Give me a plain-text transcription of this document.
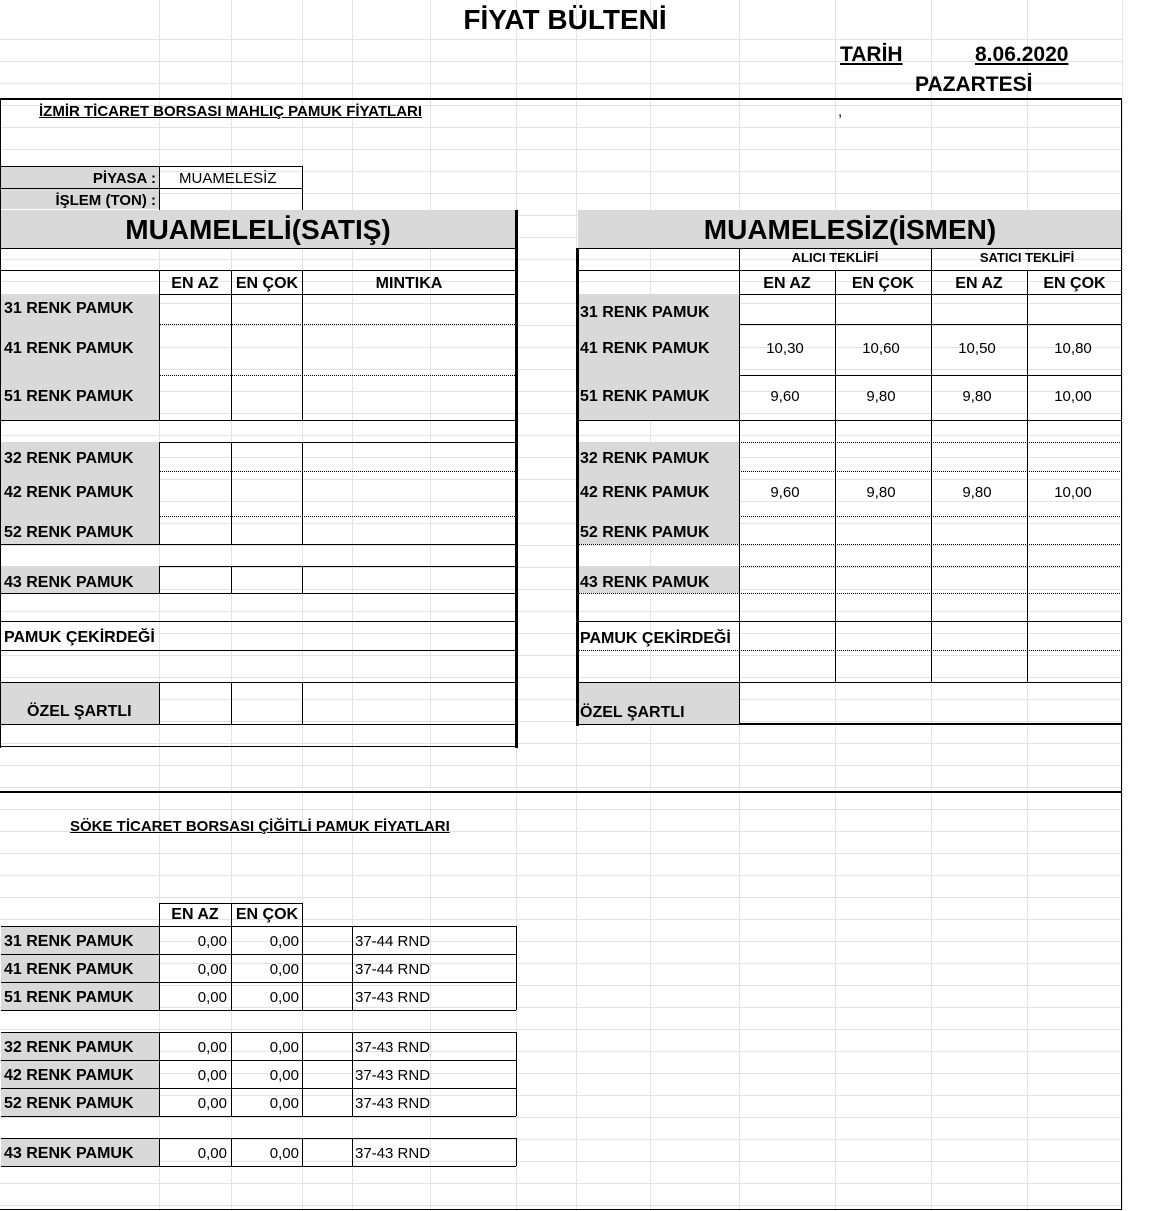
FİYAT BÜLTENİ
TARİH	8.06.2020
PAZARTESİ
İZMİR TİCARET BORSASI MAHLIÇ PAMUK FİYATLARI	,
PİYASA : MUAMELESİZ
İŞLEM (TON) :
MUAMELELİ(SATIŞ)
EN AZ	EN ÇOK	MINTIKA
31 RENK PAMUK
41 RENK PAMUK
51 RENK PAMUK
32 RENK PAMUK
42 RENK PAMUK
52 RENK PAMUK
43 RENK PAMUK
PAMUK ÇEKİRDEĞİ
ÖZEL ŞARTLI
MUAMELESİZ(İSMEN)
ALICI TEKLİFİ	SATICI TEKLİFİ
EN AZ	EN ÇOK	EN AZ	EN ÇOK
31 RENK PAMUK
41 RENK PAMUK	10,30	10,60	10,50	10,80
51 RENK PAMUK	9,60	9,80	9,80	10,00
32 RENK PAMUK
42 RENK PAMUK	9,60	9,80	9,80	10,00
52 RENK PAMUK
43 RENK PAMUK
PAMUK ÇEKİRDEĞİ
ÖZEL ŞARTLI
SÖKE TİCARET BORSASI ÇİĞİTLİ PAMUK FİYATLARI
EN AZ	EN ÇOK
31 RENK PAMUK	0,00	0,00	37-44 RND
41 RENK PAMUK	0,00	0,00	37-44 RND
51 RENK PAMUK	0,00	0,00	37-43 RND
32 RENK PAMUK	0,00	0,00	37-43 RND
42 RENK PAMUK	0,00	0,00	37-43 RND
52 RENK PAMUK	0,00	0,00	37-43 RND
43 RENK PAMUK	0,00	0,00	37-43 RND
